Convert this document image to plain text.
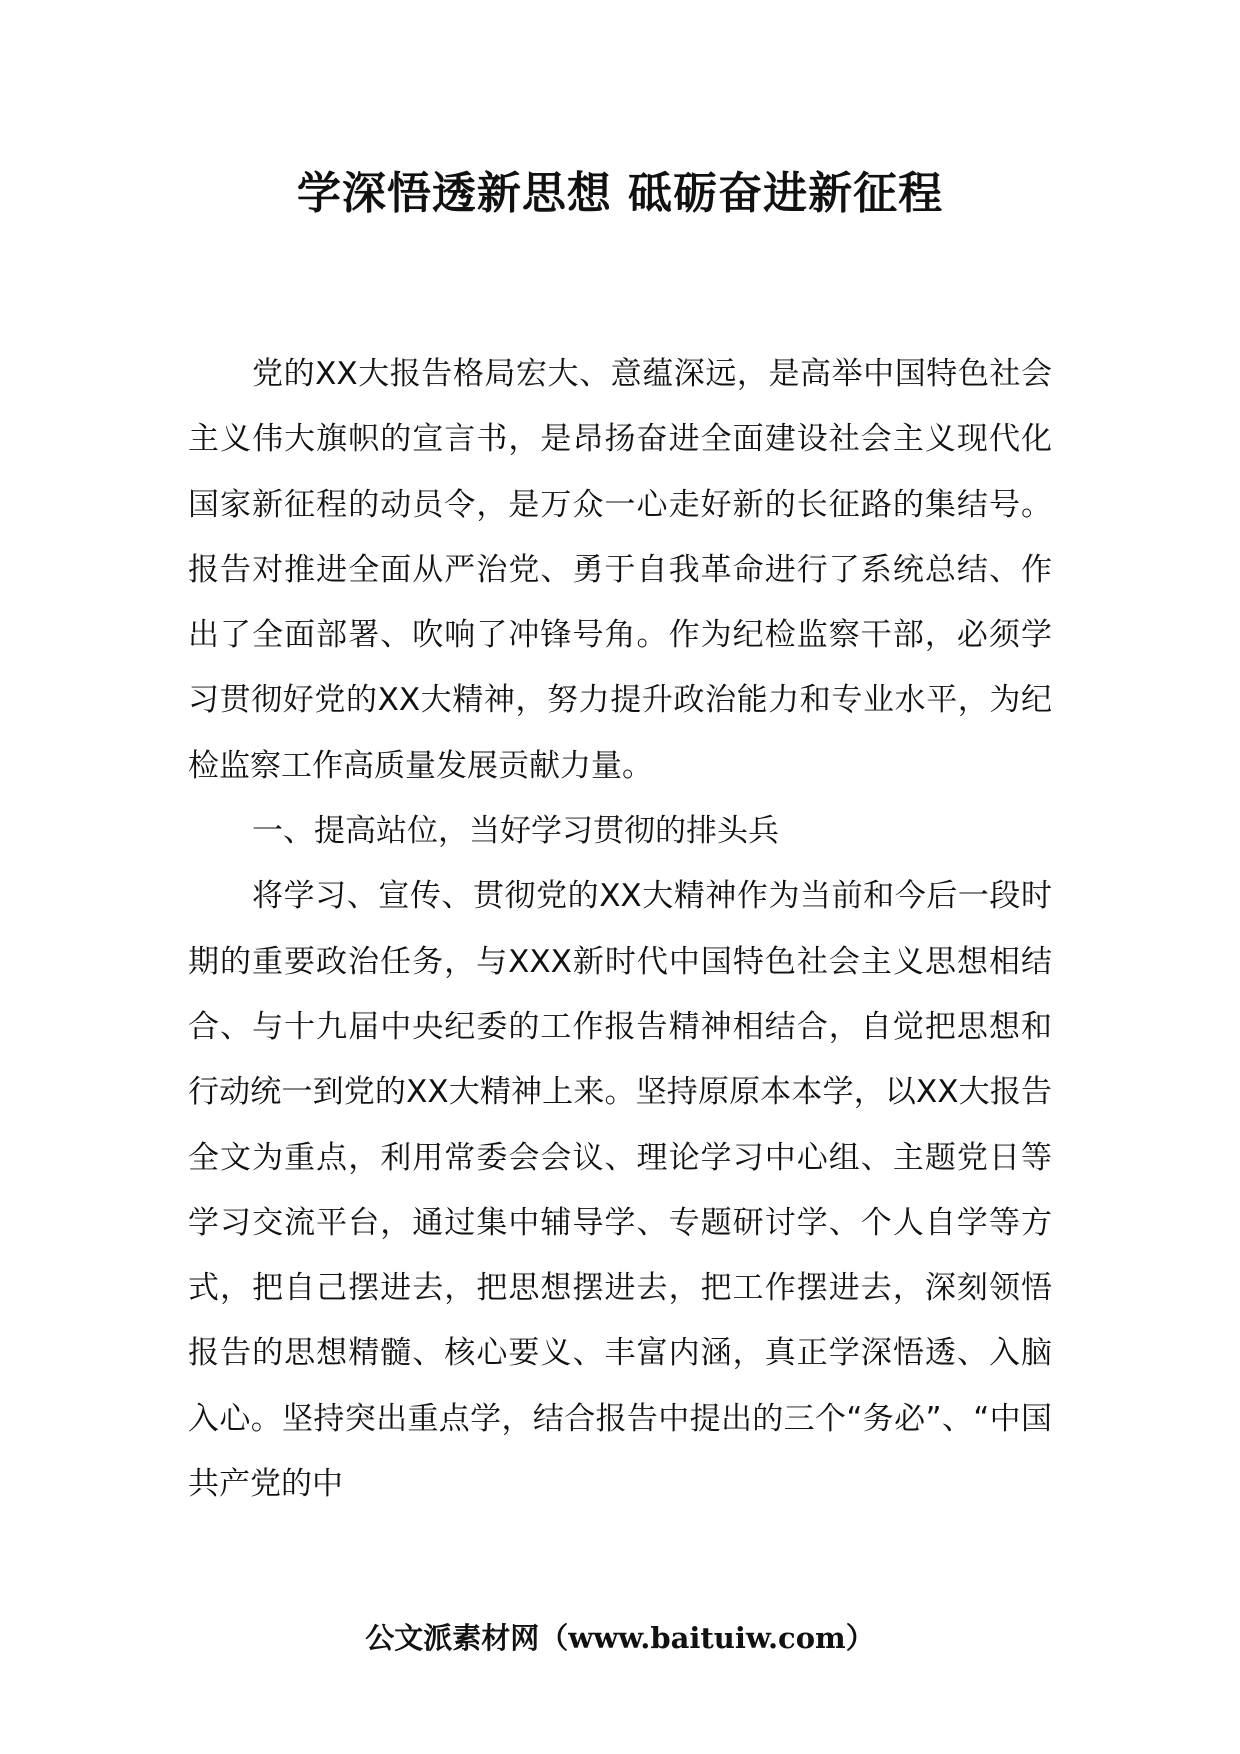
学深悟透新思想 砥砺奋进新征程

党的XX大报告格局宏大、意蕴深远，是高举中国特色社会主义伟大旗帜的宣言书，是昂扬奋进全面建设社会主义现代化国家新征程的动员令，是万众一心走好新的长征路的集结号。报告对推进全面从严治党、勇于自我革命进行了系统总结、作出了全面部署、吹响了冲锋号角。作为纪检监察干部，必须学习贯彻好党的XX大精神，努力提升政治能力和专业水平，为纪检监察工作高质量发展贡献力量。

一、提高站位，当好学习贯彻的排头兵

将学习、宣传、贯彻党的XX大精神作为当前和今后一段时期的重要政治任务，与XXX新时代中国特色社会主义思想相结合、与十九届中央纪委的工作报告精神相结合，自觉把思想和行动统一到党的XX大精神上来。坚持原原本本学，以XX大报告全文为重点，利用常委会会议、理论学习中心组、主题党日等学习交流平台，通过集中辅导学、专题研讨学、个人自学等方式，把自己摆进去，把思想摆进去，把工作摆进去，深刻领悟报告的思想精髓、核心要义、丰富内涵，真正学深悟透、入脑入心。坚持突出重点学，结合报告中提出的三个“务必”、“中国共产党的中

公文派素材网（www.baituiw.com）
